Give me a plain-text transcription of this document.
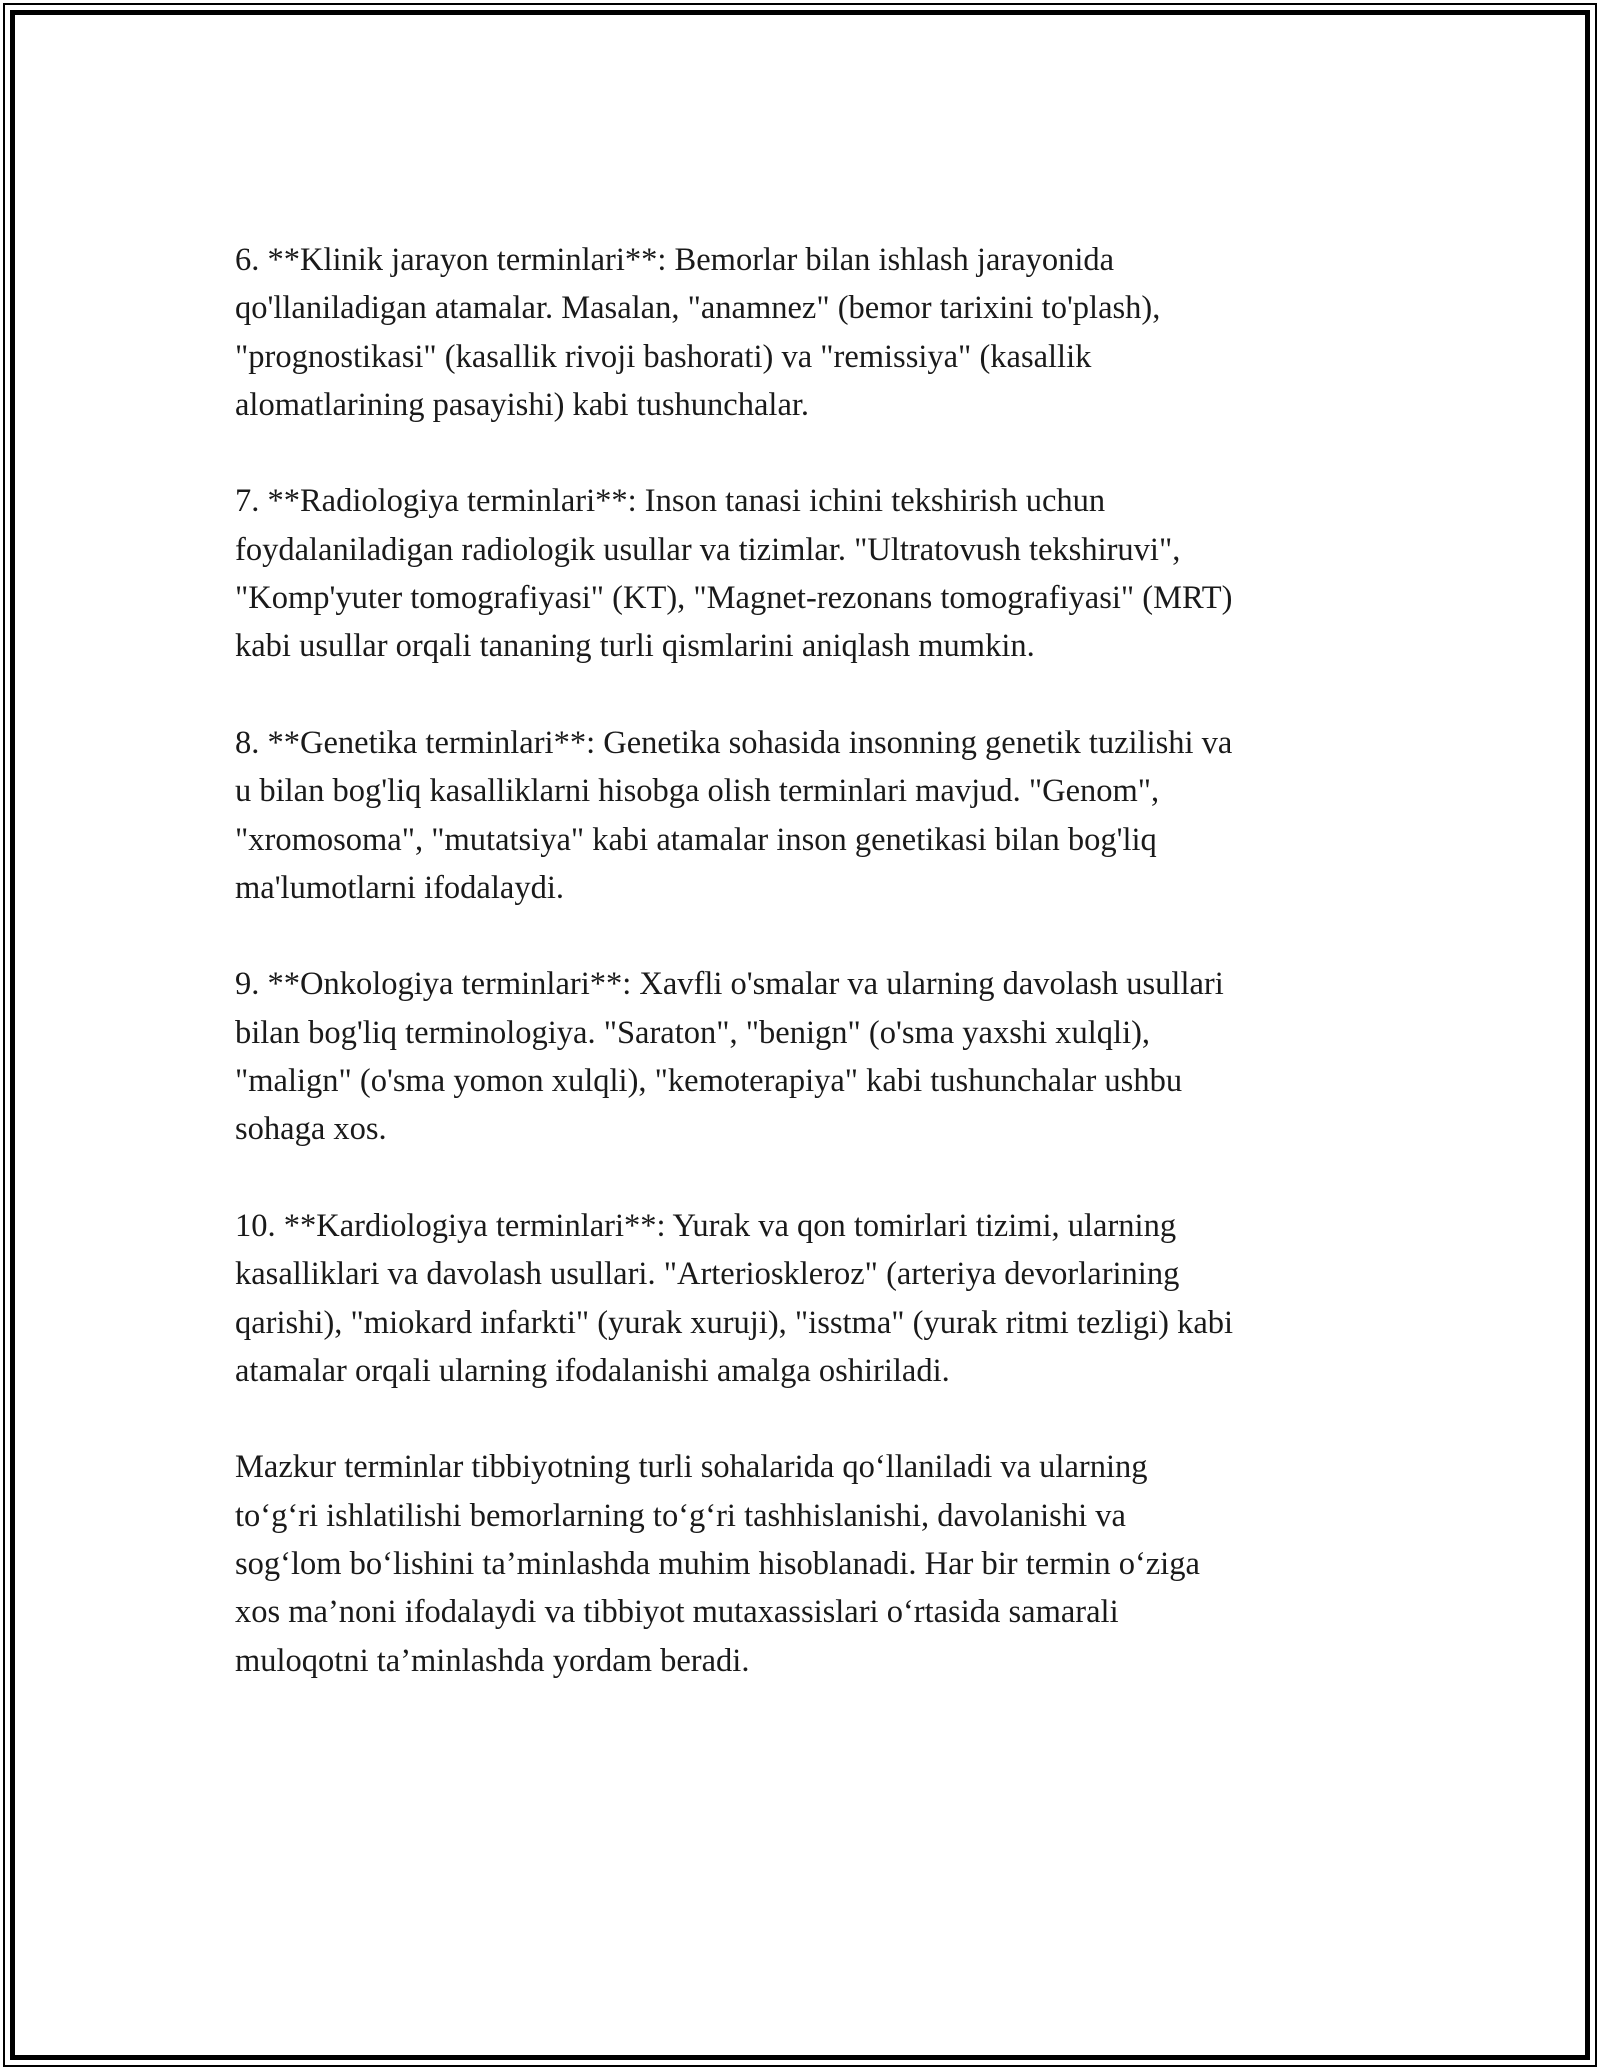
6. **Klinik jarayon terminlari**: Bemorlar bilan ishlash jarayonida
qo'llaniladigan atamalar. Masalan, "anamnez" (bemor tarixini to'plash),
"prognostikasi" (kasallik rivoji bashorati) va "remissiya" (kasallik
alomatlarining pasayishi) kabi tushunchalar.

7. **Radiologiya terminlari**: Inson tanasi ichini tekshirish uchun
foydalaniladigan radiologik usullar va tizimlar. "Ultratovush tekshiruvi",
"Komp'yuter tomografiyasi" (KT), "Magnet-rezonans tomografiyasi" (MRT)
kabi usullar orqali tananing turli qismlarini aniqlash mumkin.

8. **Genetika terminlari**: Genetika sohasida insonning genetik tuzilishi va
u bilan bog'liq kasalliklarni hisobga olish terminlari mavjud. "Genom",
"xromosoma", "mutatsiya" kabi atamalar inson genetikasi bilan bog'liq
ma'lumotlarni ifodalaydi.

9. **Onkologiya terminlari**: Xavfli o'smalar va ularning davolash usullari
bilan bog'liq terminologiya. "Saraton", "benign" (o'sma yaxshi xulqli),
"malign" (o'sma yomon xulqli), "kemoterapiya" kabi tushunchalar ushbu
sohaga xos.

10. **Kardiologiya terminlari**: Yurak va qon tomirlari tizimi, ularning
kasalliklari va davolash usullari. "Arterioskleroz" (arteriya devorlarining
qarishi), "miokard infarkti" (yurak xuruji), "isstma" (yurak ritmi tezligi) kabi
atamalar orqali ularning ifodalanishi amalga oshiriladi.

Mazkur terminlar tibbiyotning turli sohalarida qo‘llaniladi va ularning
to‘g‘ri ishlatilishi bemorlarning to‘g‘ri tashhislanishi, davolanishi va
sog‘lom bo‘lishini ta’minlashda muhim hisoblanadi. Har bir termin o‘ziga
xos ma’noni ifodalaydi va tibbiyot mutaxassislari o‘rtasida samarali
muloqotni ta’minlashda yordam beradi.
